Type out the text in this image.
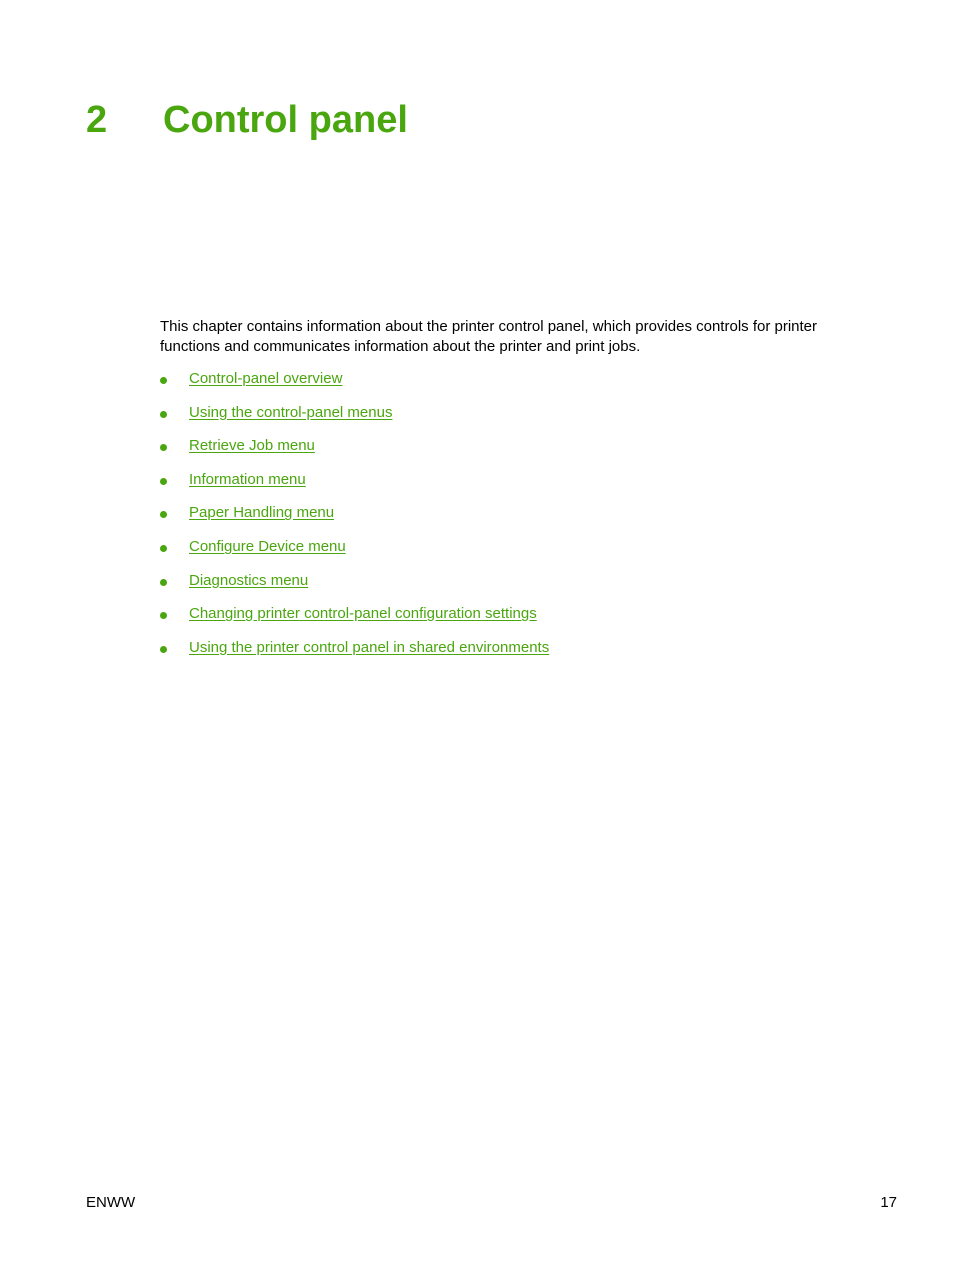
2 Control panel

This chapter contains information about the printer control panel, which provides controls for printer functions and communicates information about the printer and print jobs.

Control-panel overview
Using the control-panel menus
Retrieve Job menu
Information menu
Paper Handling menu
Configure Device menu
Diagnostics menu
Changing printer control-panel configuration settings
Using the printer control panel in shared environments
ENWW	17
